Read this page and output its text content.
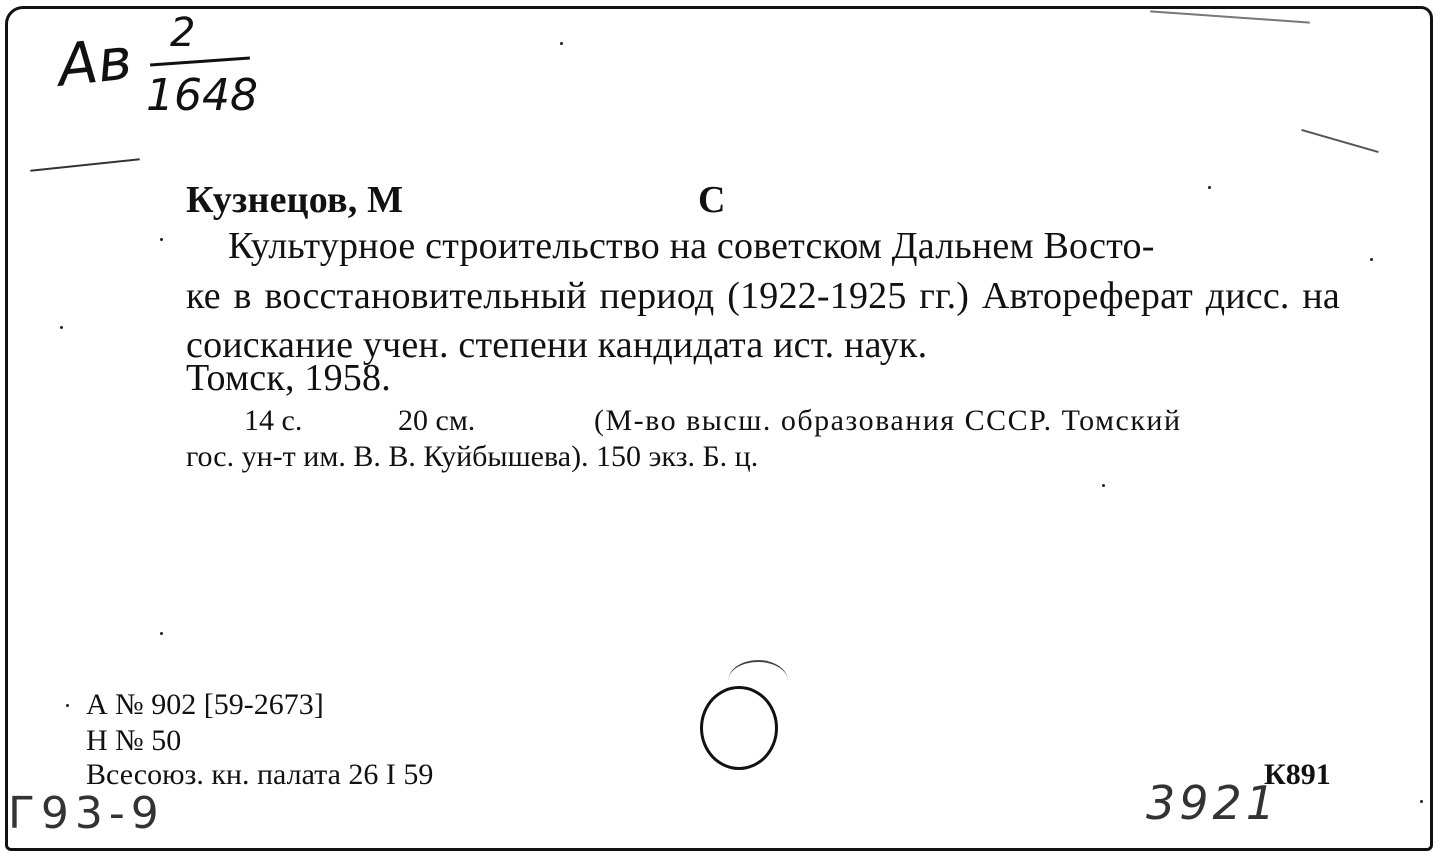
Ав 2
1648
Кузнецов, М	С
Культурное строительство на советском Дальнем Восто-
ке в восстановительный период (1922-1925 гг.) Автореферат дисс. на соискание учен. степени кандидата ист. наук.
Томск, 1958.
14 с.	20 см.	(М-во высш. образования СССР. Томский
гос. ун-т им. В. В. Куйбышева). 150 экз. Б. ц.
А № 902 [59-2673]
Н № 50
Всесоюз. кн. палата 26 I 59	К891
Г93-9	3921
